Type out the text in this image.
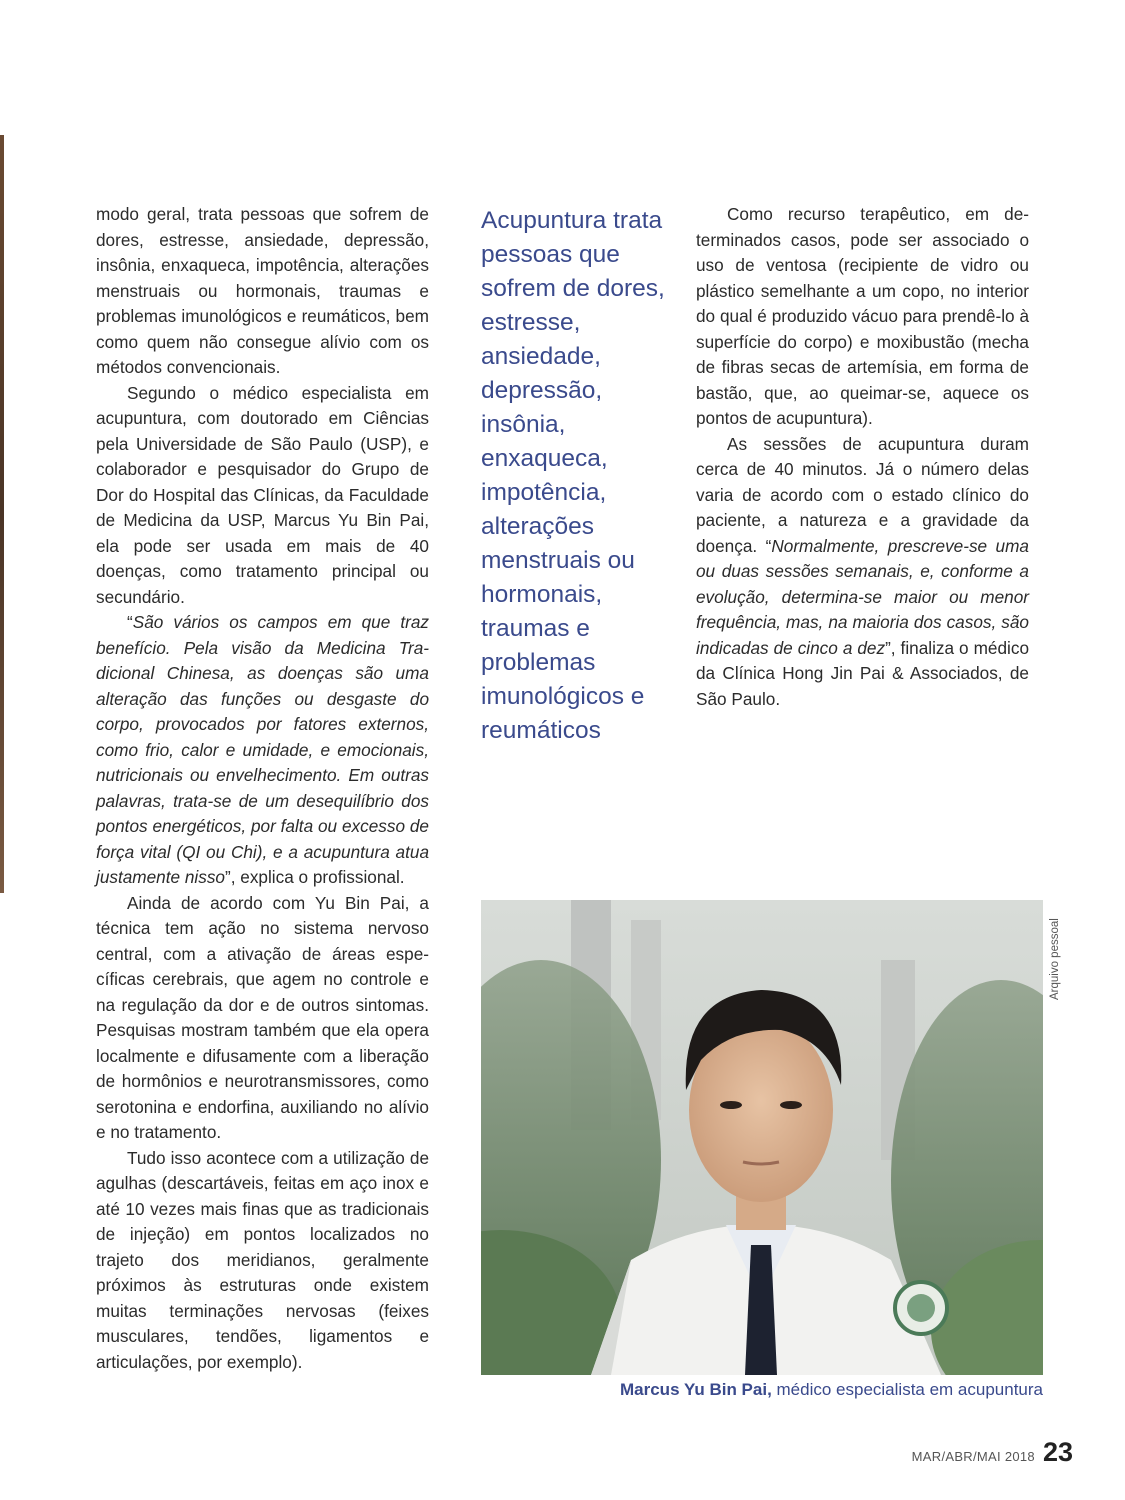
modo geral, trata pessoas que sofrem de dores, estresse, ansiedade, depressão, insônia, enxaqueca, impotência, alterações menstruais ou hormonais, traumas e problemas imunológicos e reumáticos, bem como quem não consegue alívio com os métodos convencionais.

Segundo o médico especialista em acupuntura, com doutorado em Ciências pela Universidade de São Paulo (USP), e colaborador e pesquisador do Grupo de Dor do Hospital das Clínicas, da Faculdade de Medicina da USP, Marcus Yu Bin Pai, ela pode ser usada em mais de 40 doenças, como tratamento principal ou secundário.

“São vários os campos em que traz benefício. Pela visão da Medicina Tradicional Chinesa, as doenças são uma alteração das funções ou desgaste do corpo, provocados por fatores externos, como frio, calor e umidade, e emocionais, nutricionais ou envelhecimento. Em outras palavras, trata-se de um desequilíbrio dos pontos energéticos, por falta ou excesso de força vital (QI ou Chi), e a acupuntura atua justamente nisso”, explica o profissional.

Ainda de acordo com Yu Bin Pai, a técnica tem ação no sistema nervoso central, com a ativação de áreas específicas cerebrais, que agem no controle e na regulação da dor e de outros sintomas. Pesquisas mostram também que ela opera localmente e difusamente com a liberação de hormônios e neurotransmissores, como serotonina e endorfina, auxiliando no alívio e no tratamento.

Tudo isso acontece com a utilização de agulhas (descartáveis, feitas em aço inox e até 10 vezes mais finas que as tradicionais de injeção) em pontos localizados no trajeto dos meridianos, geralmente próximos às estruturas onde existem muitas terminações nervosas (feixes musculares, tendões, ligamentos e articulações, por exemplo).

Acupuntura trata pessoas que sofrem de dores, estresse, ansiedade, depressão, insônia, enxaqueca, impotência, alterações menstruais ou hormonais, traumas e problemas imunológicos e reumáticos

Como recurso terapêutico, em determinados casos, pode ser associado o uso de ventosa (recipiente de vidro ou plástico semelhante a um copo, no interior do qual é produzido vácuo para prendê-lo à superfície do corpo) e moxibustão (mecha de fibras secas de artemísia, em forma de bastão, que, ao queimar-se, aquece os pontos de acupuntura).

As sessões de acupuntura duram cerca de 40 minutos. Já o número delas varia de acordo com o estado clínico do paciente, a natureza e a gravidade da doença. “Normalmente, prescreve-se uma ou duas sessões semanais, e, conforme a evolução, determina-se maior ou menor frequência, mas, na maioria dos casos, são indicadas de cinco a dez”, finaliza o médico da Clínica Hong Jin Pai & Associados, de São Paulo.

Arquivo pessoal

Marcus Yu Bin Pai, médico especialista em acupuntura

MAR/ABR/MAI 2018 23
